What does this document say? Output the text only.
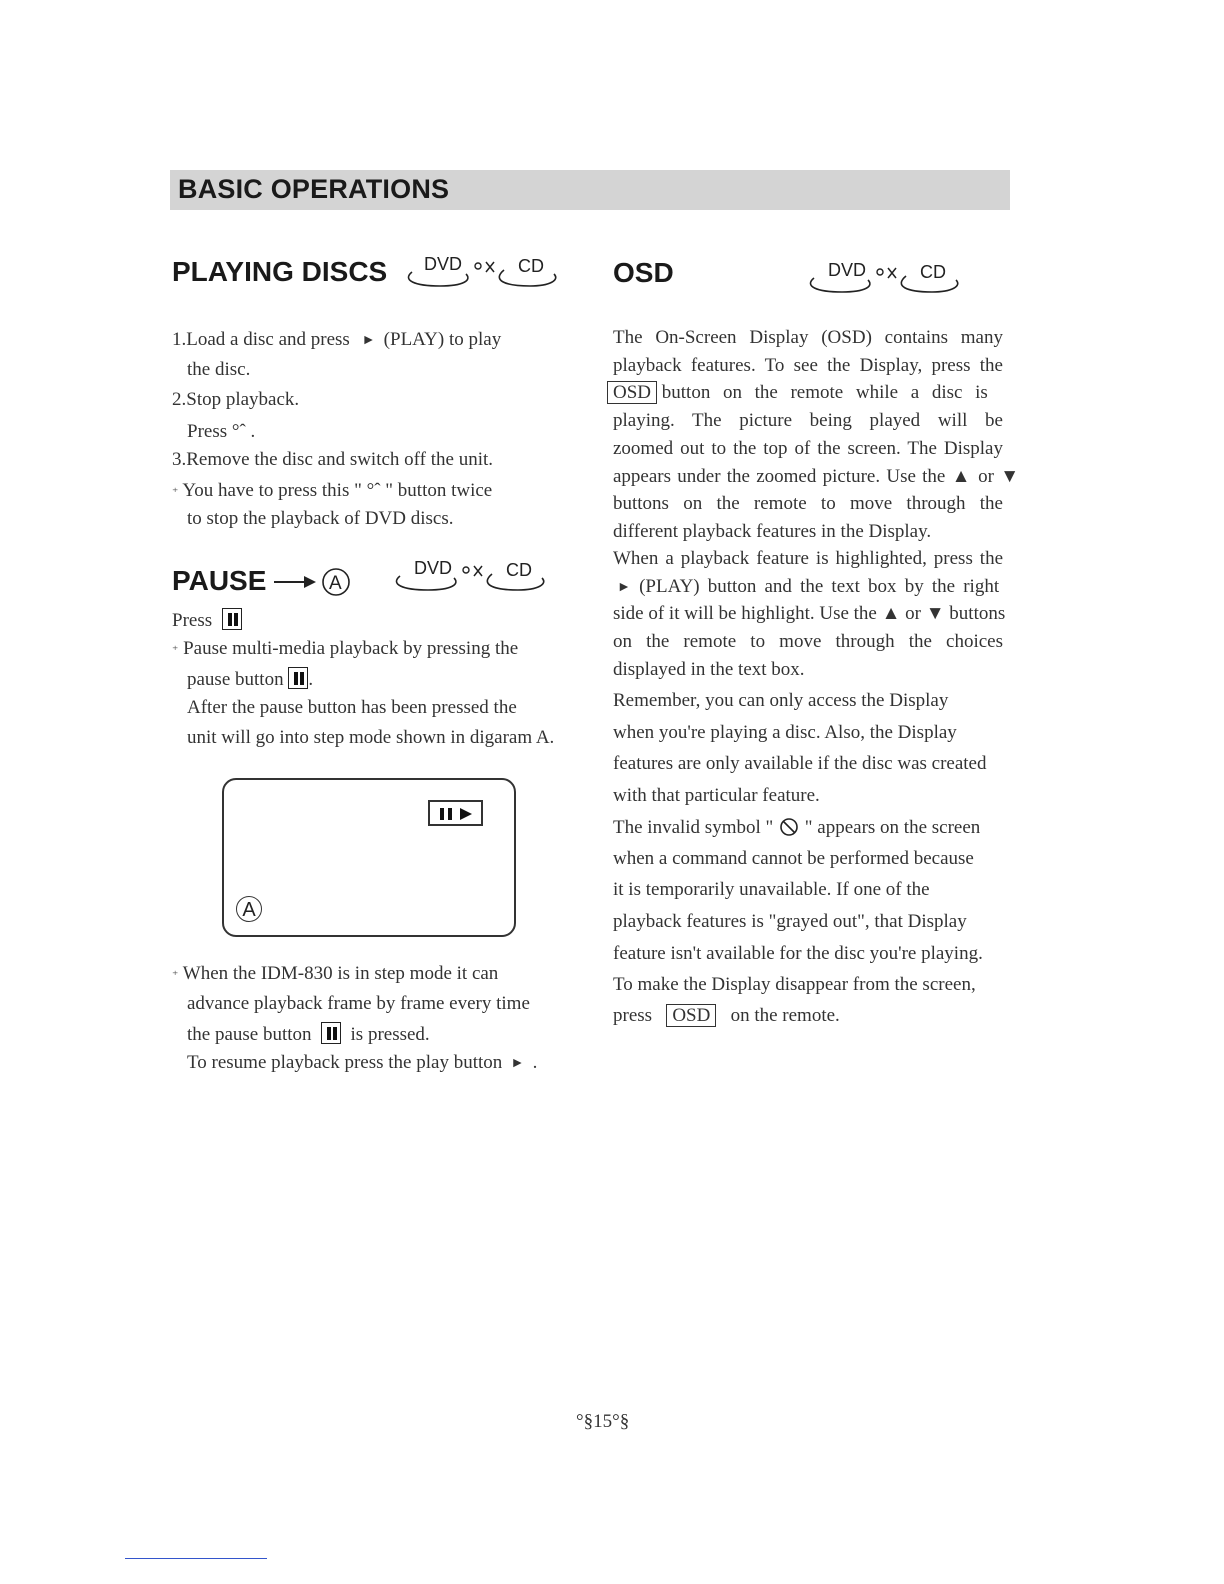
BASIC OPERATIONS
PLAYING DISCS DVD	CD
1.Load a disc and press   ►  (PLAY) to play
the disc.
2.Stop playback.
Press °ˆ .
3.Remove the disc and switch off the unit.
⁺ You have to press this " °ˆ " button twice
to stop the playback of DVD discs.
PAUSE	A
DVD	CD
Press
⁺ Pause multi-media playback by pressing the
pause button .
After the pause button has been pressed the
unit will go into step mode shown in digaram A.
A
⁺ When the IDM-830 is in step mode it can
advance playback frame by frame every time
the pause button is pressed.
To resume playback press the play button  ►  .
OSD	DVD	CD
The On-Screen Display (OSD) contains many
playback features. To see the Display, press the
OSD button on the remote while a disc is
playing. The picture being played will be
zoomed out to the top of the screen. The Display
appears under the zoomed picture. Use the ▲ or ▼
buttons on the remote to move through the
different playback features in the Display.
When a playback feature is highlighted, press the
►  (PLAY) button and the text box by the right
side of it will be highlight. Use the ▲ or ▼ buttons
on the remote to move through the choices
displayed in the text box.
Remember, you can only access the Display
when you're playing a disc. Also, the Display
features are only available if the disc was created
with that particular feature.
The invalid symbol " " appears on the screen
when a command cannot be performed because
it is temporarily unavailable. If one of the
playback features is "grayed out", that Display
feature isn't available for the disc you're playing.
To make the Display disappear from the screen,
press OSD on the remote.
°§15°§
